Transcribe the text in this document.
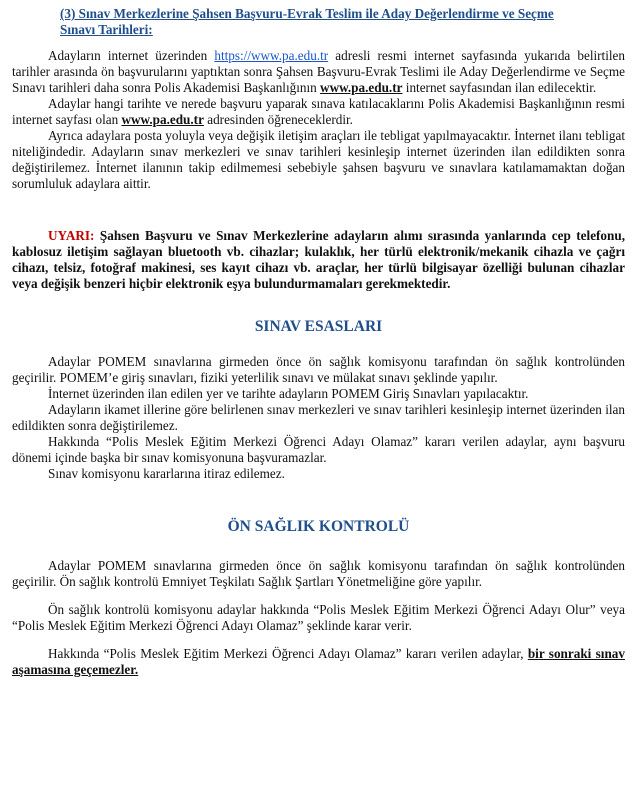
(3) Sınav Merkezlerine Şahsen Başvuru-Evrak Teslim ile Aday Değerlendirme ve Seçme
Sınavı Tarihleri:

Adayların internet üzerinden https://www.pa.edu.tr adresli resmi internet sayfasında yukarıda belirtilen tarihler arasında ön başvurularını yaptıktan sonra Şahsen Başvuru-Evrak Teslimi ile Aday Değerlendirme ve Seçme Sınavı tarihleri daha sonra Polis Akademisi Başkanlığının www.pa.edu.tr internet sayfasından ilan edilecektir.

Adaylar hangi tarihte ve nerede başvuru yaparak sınava katılacaklarını Polis Akademisi Başkanlığının resmi internet sayfası olan www.pa.edu.tr adresinden öğreneceklerdir.

Ayrıca adaylara posta yoluyla veya değişik iletişim araçları ile tebligat yapılmayacaktır. İnternet ilanı tebligat niteliğindedir. Adayların sınav merkezleri ve sınav tarihleri kesinleşip internet üzerinden ilan edildikten sonra değiştirilemez. İnternet ilanının takip edilmemesi sebebiyle şahsen başvuru ve sınavlara katılamamaktan doğan sorumluluk adaylara aittir.

UYARI: Şahsen Başvuru ve Sınav Merkezlerine adayların alımı sırasında yanlarında cep telefonu, kablosuz iletişim sağlayan bluetooth vb. cihazlar; kulaklık, her türlü elektronik/mekanik cihazla ve çağrı cihazı, telsiz, fotoğraf makinesi, ses kayıt cihazı vb. araçlar, her türlü bilgisayar özelliği bulunan cihazlar veya değişik benzeri hiçbir elektronik eşya bulundurmamaları gerekmektedir.

SINAV ESASLARI

Adaylar POMEM sınavlarına girmeden önce ön sağlık komisyonu tarafından ön sağlık kontrolünden geçirilir. POMEM’e giriş sınavları, fiziki yeterlilik sınavı ve mülakat sınavı şeklinde yapılır.

İnternet üzerinden ilan edilen yer ve tarihte adayların POMEM Giriş Sınavları yapılacaktır.

Adayların ikamet illerine göre belirlenen sınav merkezleri ve sınav tarihleri kesinleşip internet üzerinden ilan edildikten sonra değiştirilemez.

Hakkında “Polis Meslek Eğitim Merkezi Öğrenci Adayı Olamaz” kararı verilen adaylar, aynı başvuru dönemi içinde başka bir sınav komisyonuna başvuramazlar.

Sınav komisyonu kararlarına itiraz edilemez.

ÖN SAĞLIK KONTROLÜ

Adaylar POMEM sınavlarına girmeden önce ön sağlık komisyonu tarafından ön sağlık kontrolünden geçirilir. Ön sağlık kontrolü Emniyet Teşkilatı Sağlık Şartları Yönetmeliğine göre yapılır.

Ön sağlık kontrolü komisyonu adaylar hakkında “Polis Meslek Eğitim Merkezi Öğrenci Adayı Olur” veya “Polis Meslek Eğitim Merkezi Öğrenci Adayı Olamaz” şeklinde karar verir.

Hakkında “Polis Meslek Eğitim Merkezi Öğrenci Adayı Olamaz” kararı verilen adaylar, bir sonraki sınav aşamasına geçemezler.
